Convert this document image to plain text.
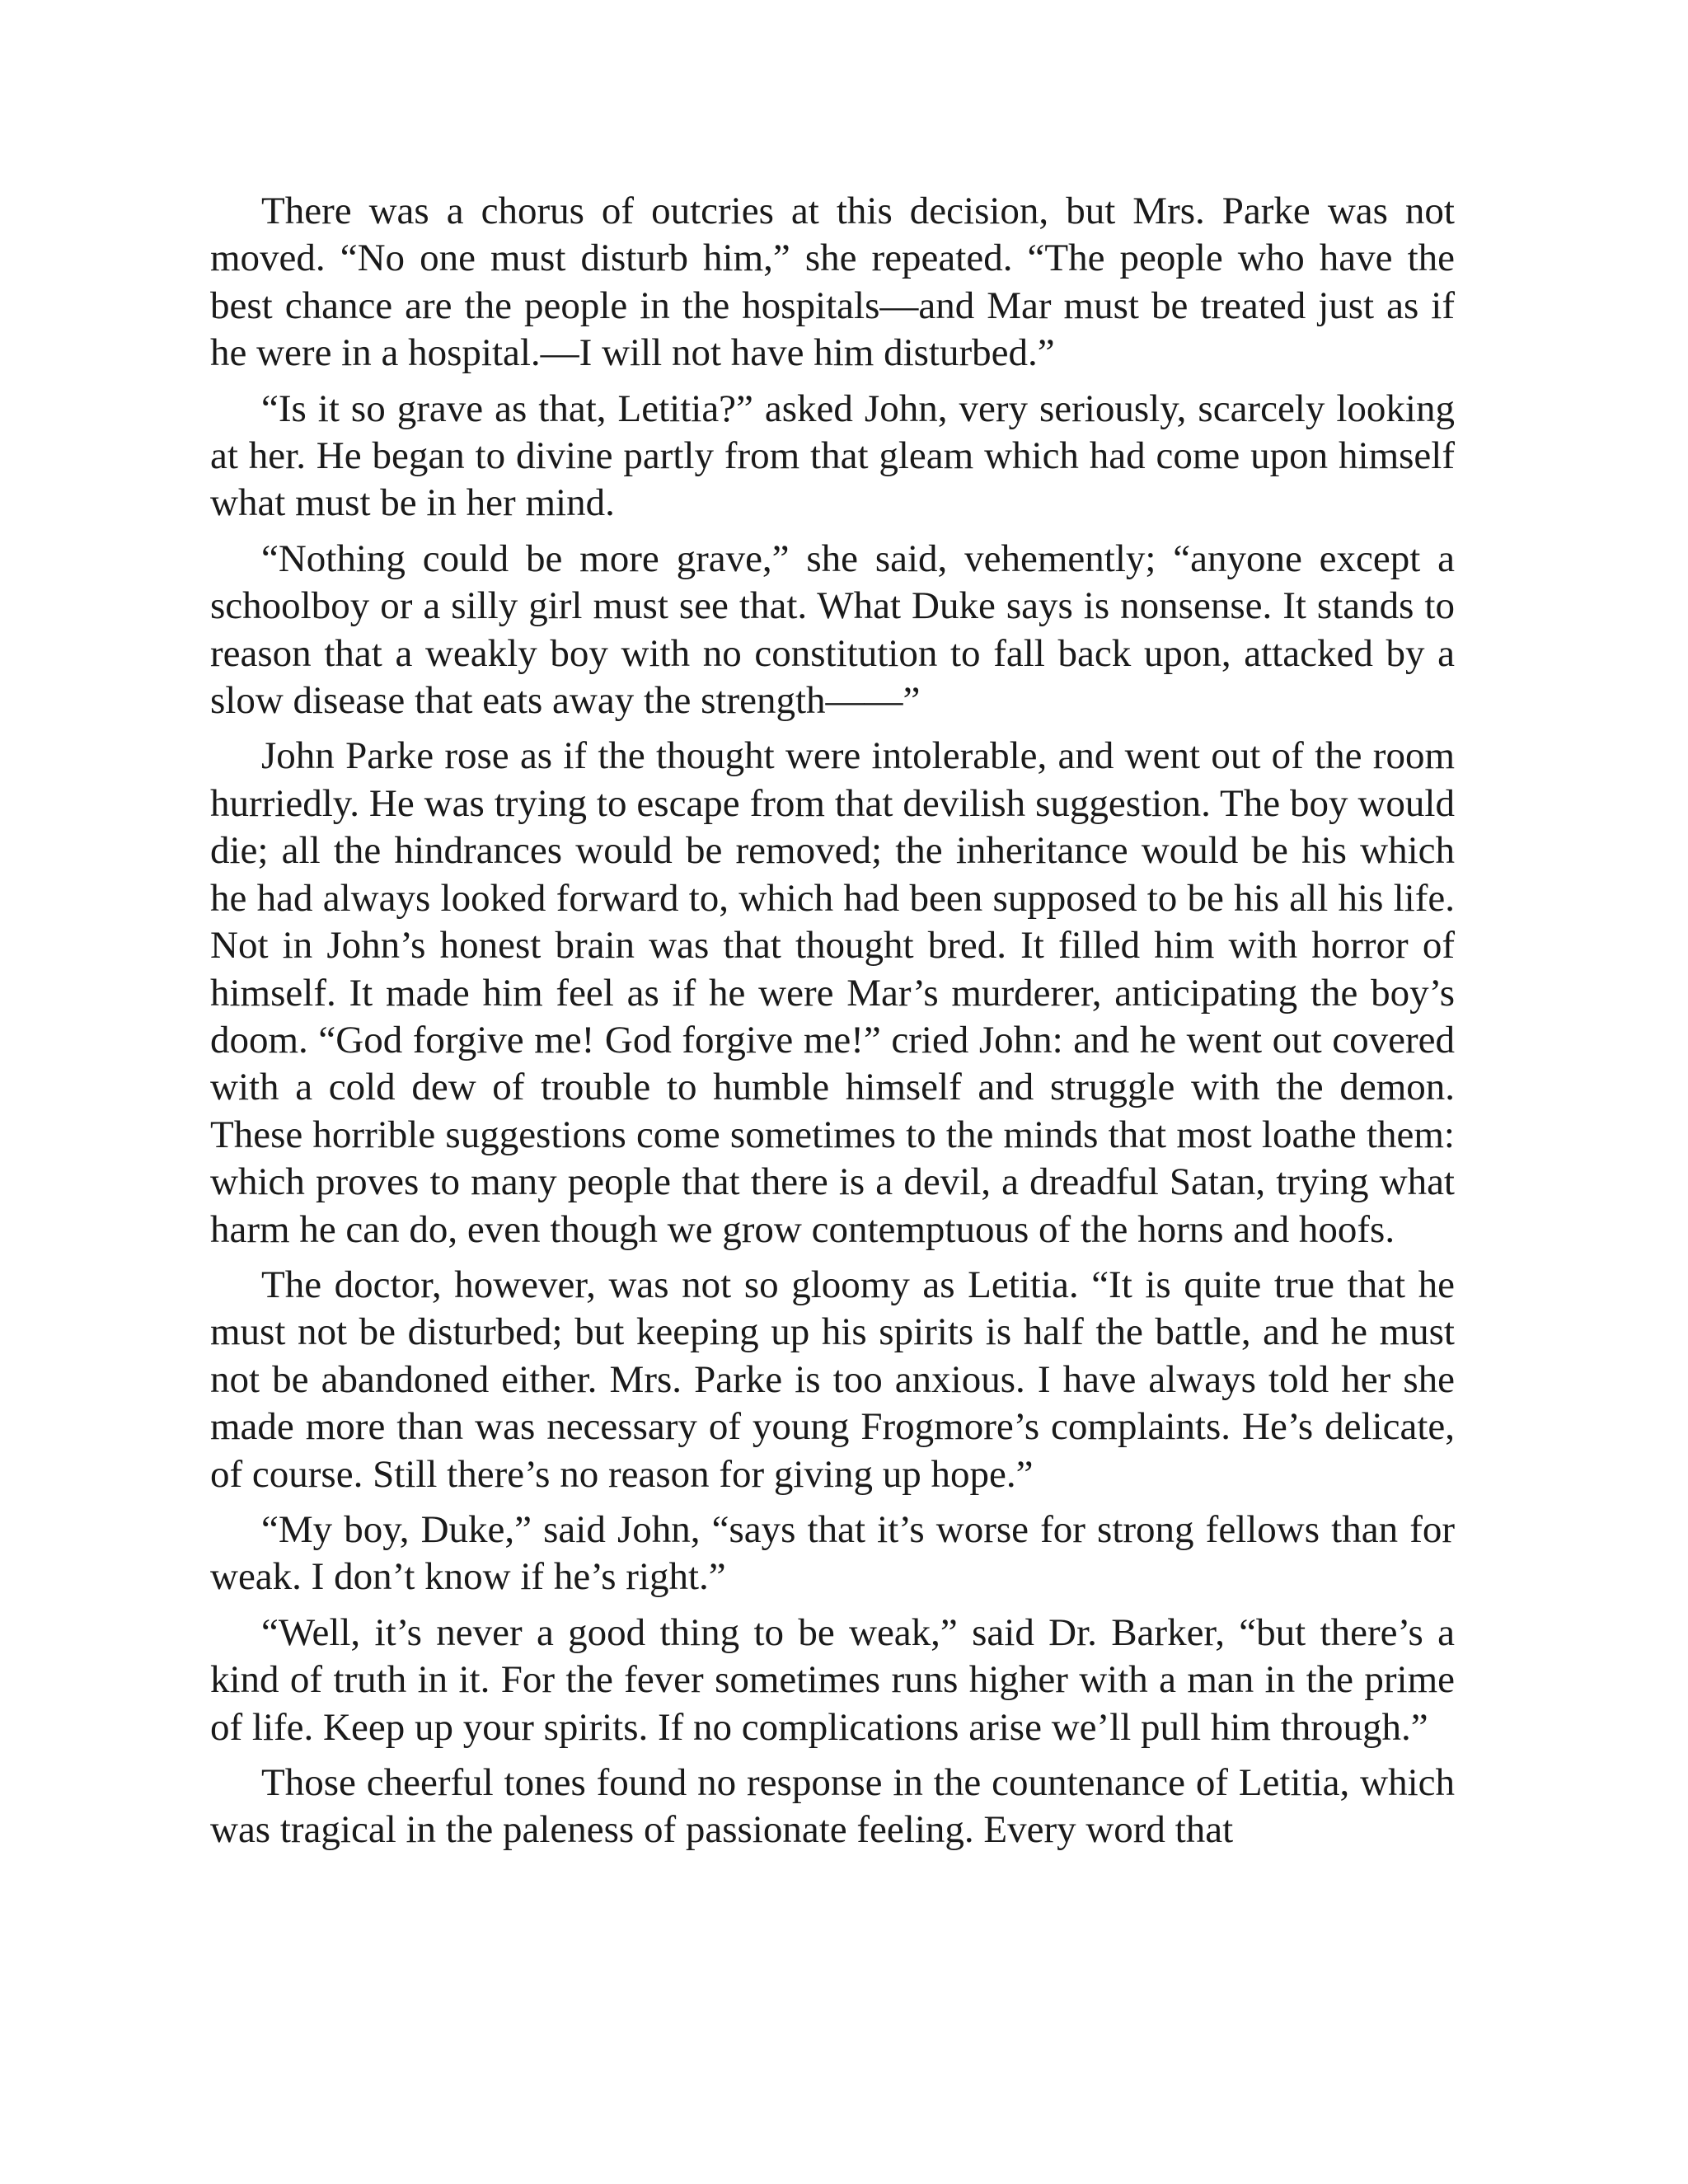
There was a chorus of outcries at this decision, but Mrs. Parke was not moved. “No one must disturb him,” she repeated. “The people who have the best chance are the people in the hospitals—and Mar must be treated just as if he were in a hospital.—I will not have him disturbed.”

“Is it so grave as that, Letitia?” asked John, very seriously, scarcely looking at her. He began to divine partly from that gleam which had come upon himself what must be in her mind.

“Nothing could be more grave,” she said, vehemently; “anyone except a schoolboy or a silly girl must see that. What Duke says is nonsense. It stands to reason that a weakly boy with no constitution to fall back upon, attacked by a slow disease that eats away the strength——”

John Parke rose as if the thought were intolerable, and went out of the room hurriedly. He was trying to escape from that devilish suggestion. The boy would die; all the hindrances would be removed; the inheritance would be his which he had always looked forward to, which had been supposed to be his all his life. Not in John’s honest brain was that thought bred. It filled him with horror of himself. It made him feel as if he were Mar’s murderer, anticipating the boy’s doom. “God forgive me! God forgive me!” cried John: and he went out covered with a cold dew of trouble to humble himself and struggle with the demon. These horrible suggestions come sometimes to the minds that most loathe them: which proves to many people that there is a devil, a dreadful Satan, trying what harm he can do, even though we grow contemptuous of the horns and hoofs.

The doctor, however, was not so gloomy as Letitia. “It is quite true that he must not be disturbed; but keeping up his spirits is half the battle, and he must not be abandoned either. Mrs. Parke is too anxious. I have always told her she made more than was necessary of young Frogmore’s complaints. He’s delicate, of course. Still there’s no reason for giving up hope.”

“My boy, Duke,” said John, “says that it’s worse for strong fellows than for weak. I don’t know if he’s right.”

“Well, it’s never a good thing to be weak,” said Dr. Barker, “but there’s a kind of truth in it. For the fever sometimes runs higher with a man in the prime of life. Keep up your spirits. If no complications arise we’ll pull him through.”

Those cheerful tones found no response in the countenance of Letitia, which was tragical in the paleness of passionate feeling. Every word that
